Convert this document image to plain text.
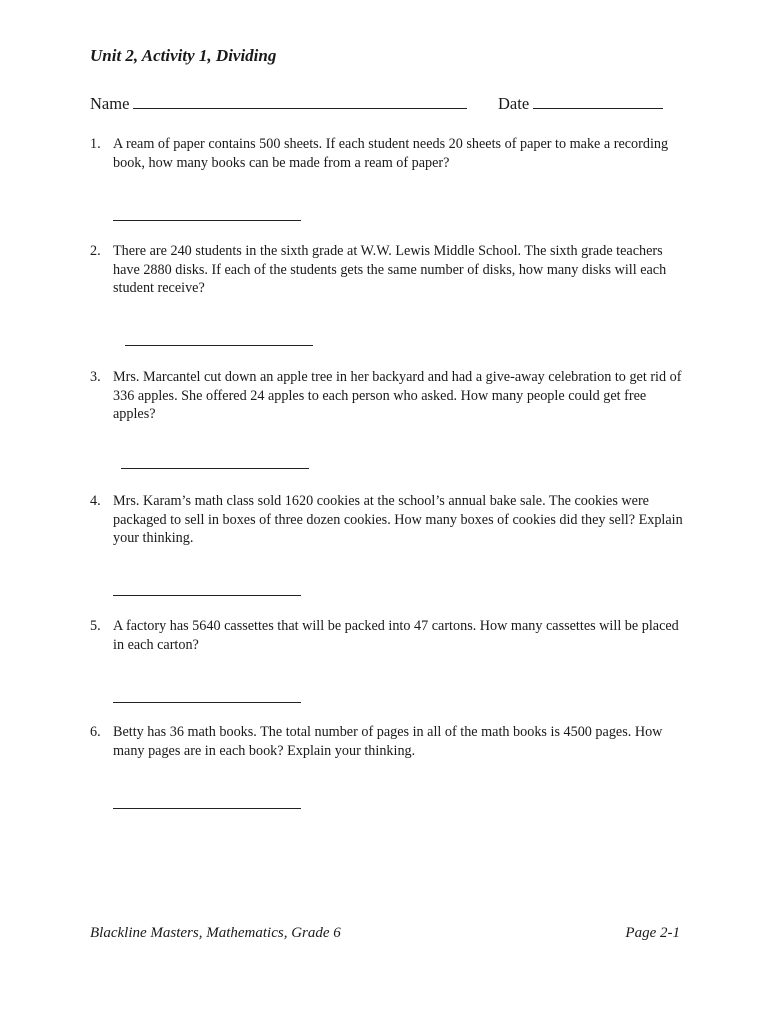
Unit 2, Activity 1, Dividing
Name	Date
1. A ream of paper contains 500 sheets. If each student needs 20 sheets of paper to make a recording book, how many books can be made from a ream of paper?
2. There are 240 students in the sixth grade at W.W. Lewis Middle School. The sixth grade teachers have 2880 disks. If each of the students gets the same number of disks, how many disks will each student receive?
3. Mrs. Marcantel cut down an apple tree in her backyard and had a give-away celebration to get rid of 336 apples. She offered 24 apples to each person who asked. How many people could get free apples?
4. Mrs. Karam’s math class sold 1620 cookies at the school’s annual bake sale. The cookies were packaged to sell in boxes of three dozen cookies. How many boxes of cookies did they sell? Explain your thinking.
5. A factory has 5640 cassettes that will be packed into 47 cartons. How many cassettes will be placed in each carton?
6. Betty has 36 math books. The total number of pages in all of the math books is 4500 pages. How many pages are in each book? Explain your thinking.
Blackline Masters, Mathematics, Grade 6	Page 2-1
